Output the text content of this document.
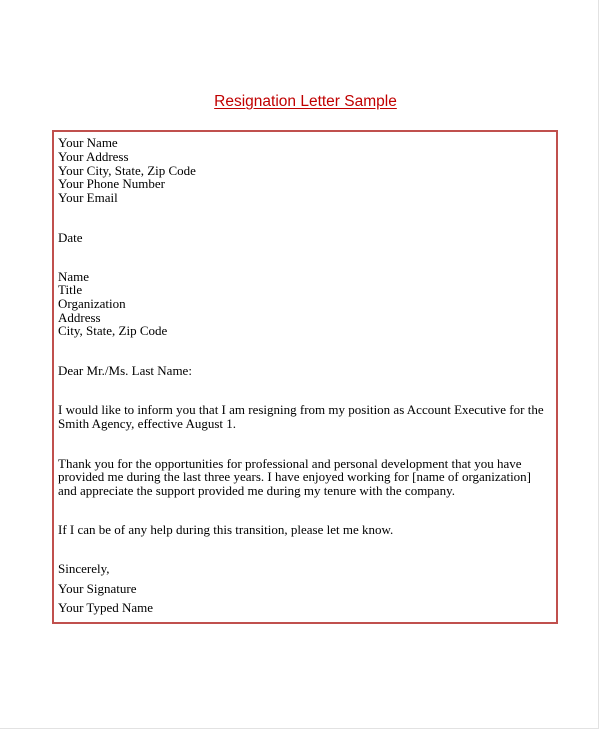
Resignation Letter Sample
Your Name
Your Address
Your City, State, Zip Code
Your Phone Number
Your Email
Date
Name
Title
Organization
Address
City, State, Zip Code
Dear Mr./Ms. Last Name:
I would like to inform you that I am resigning from my position as Account Executive for the
Smith Agency, effective August 1.
Thank you for the opportunities for professional and personal development that you have
provided me during the last three years. I have enjoyed working for [name of organization]
and appreciate the support provided me during my tenure with the company.
If I can be of any help during this transition, please let me know.
Sincerely,
Your Signature
Your Typed Name
